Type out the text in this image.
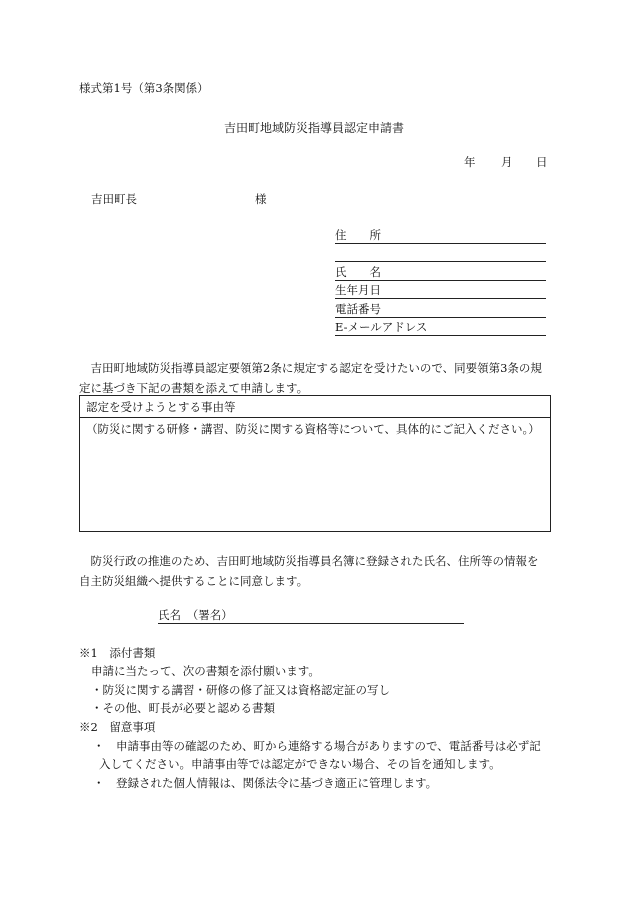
様式第1号（第3条関係）
吉田町地域防災指導員認定申請書
年 月 日
吉田町長	様
住　　所
氏　　名
生年月日
電話番号
E-メールアドレス
　吉田町地域防災指導員認定要領第2条に規定する認定を受けたいので、同要領第3条の規
定に基づき下記の書類を添えて申請します。
認定を受けようとする事由等
（防災に関する研修・講習、防災に関する資格等について、具体的にご記入ください。）
　防災行政の推進のため、吉田町地域防災指導員名簿に登録された氏名、住所等の情報を
自主防災組織へ提供することに同意します。
氏名　（署名）
※1　添付書類
申請に当たって、次の書類を添付願います。
・防災に関する講習・研修の修了証又は資格認定証の写し
・その他、町長が必要と認める書類
※2　留意事項
・　申請事由等の確認のため、町から連絡する場合がありますので、電話番号は必ず記
入してください。申請事由等では認定ができない場合、その旨を通知します。
・　登録された個人情報は、関係法令に基づき適正に管理します。
